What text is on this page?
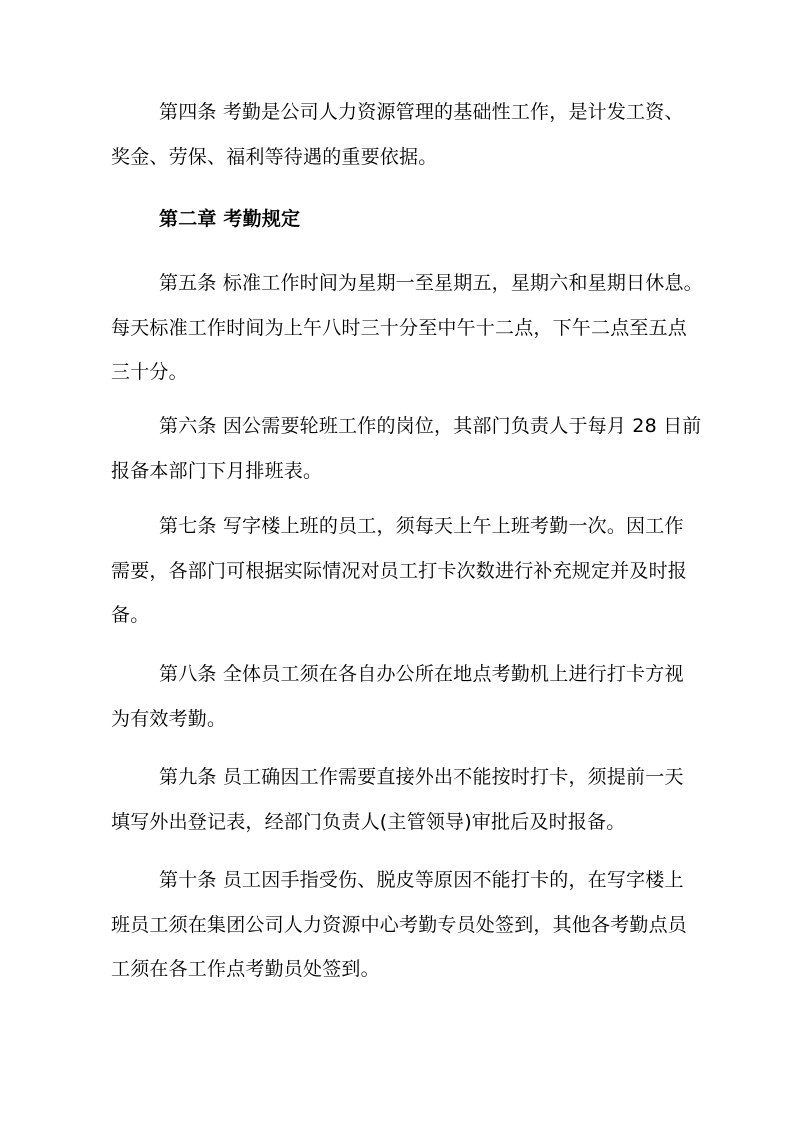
第四条 考勤是公司人力资源管理的基础性工作，是计发工资、
奖金、劳保、福利等待遇的重要依据。
第二章 考勤规定
第五条 标准工作时间为星期一至星期五，星期六和星期日休息。
每天标准工作时间为上午八时三十分至中午十二点，下午二点至五点
三十分。
第六条 因公需要轮班工作的岗位，其部门负责人于每月 28 日前
报备本部门下月排班表。
第七条 写字楼上班的员工，须每天上午上班考勤一次。因工作
需要，各部门可根据实际情况对员工打卡次数进行补充规定并及时报
备。
第八条 全体员工须在各自办公所在地点考勤机上进行打卡方视
为有效考勤。
第九条 员工确因工作需要直接外出不能按时打卡，须提前一天
填写外出登记表，经部门负责人(主管领导)审批后及时报备。
第十条 员工因手指受伤、脱皮等原因不能打卡的，在写字楼上
班员工须在集团公司人力资源中心考勤专员处签到，其他各考勤点员
工须在各工作点考勤员处签到。
